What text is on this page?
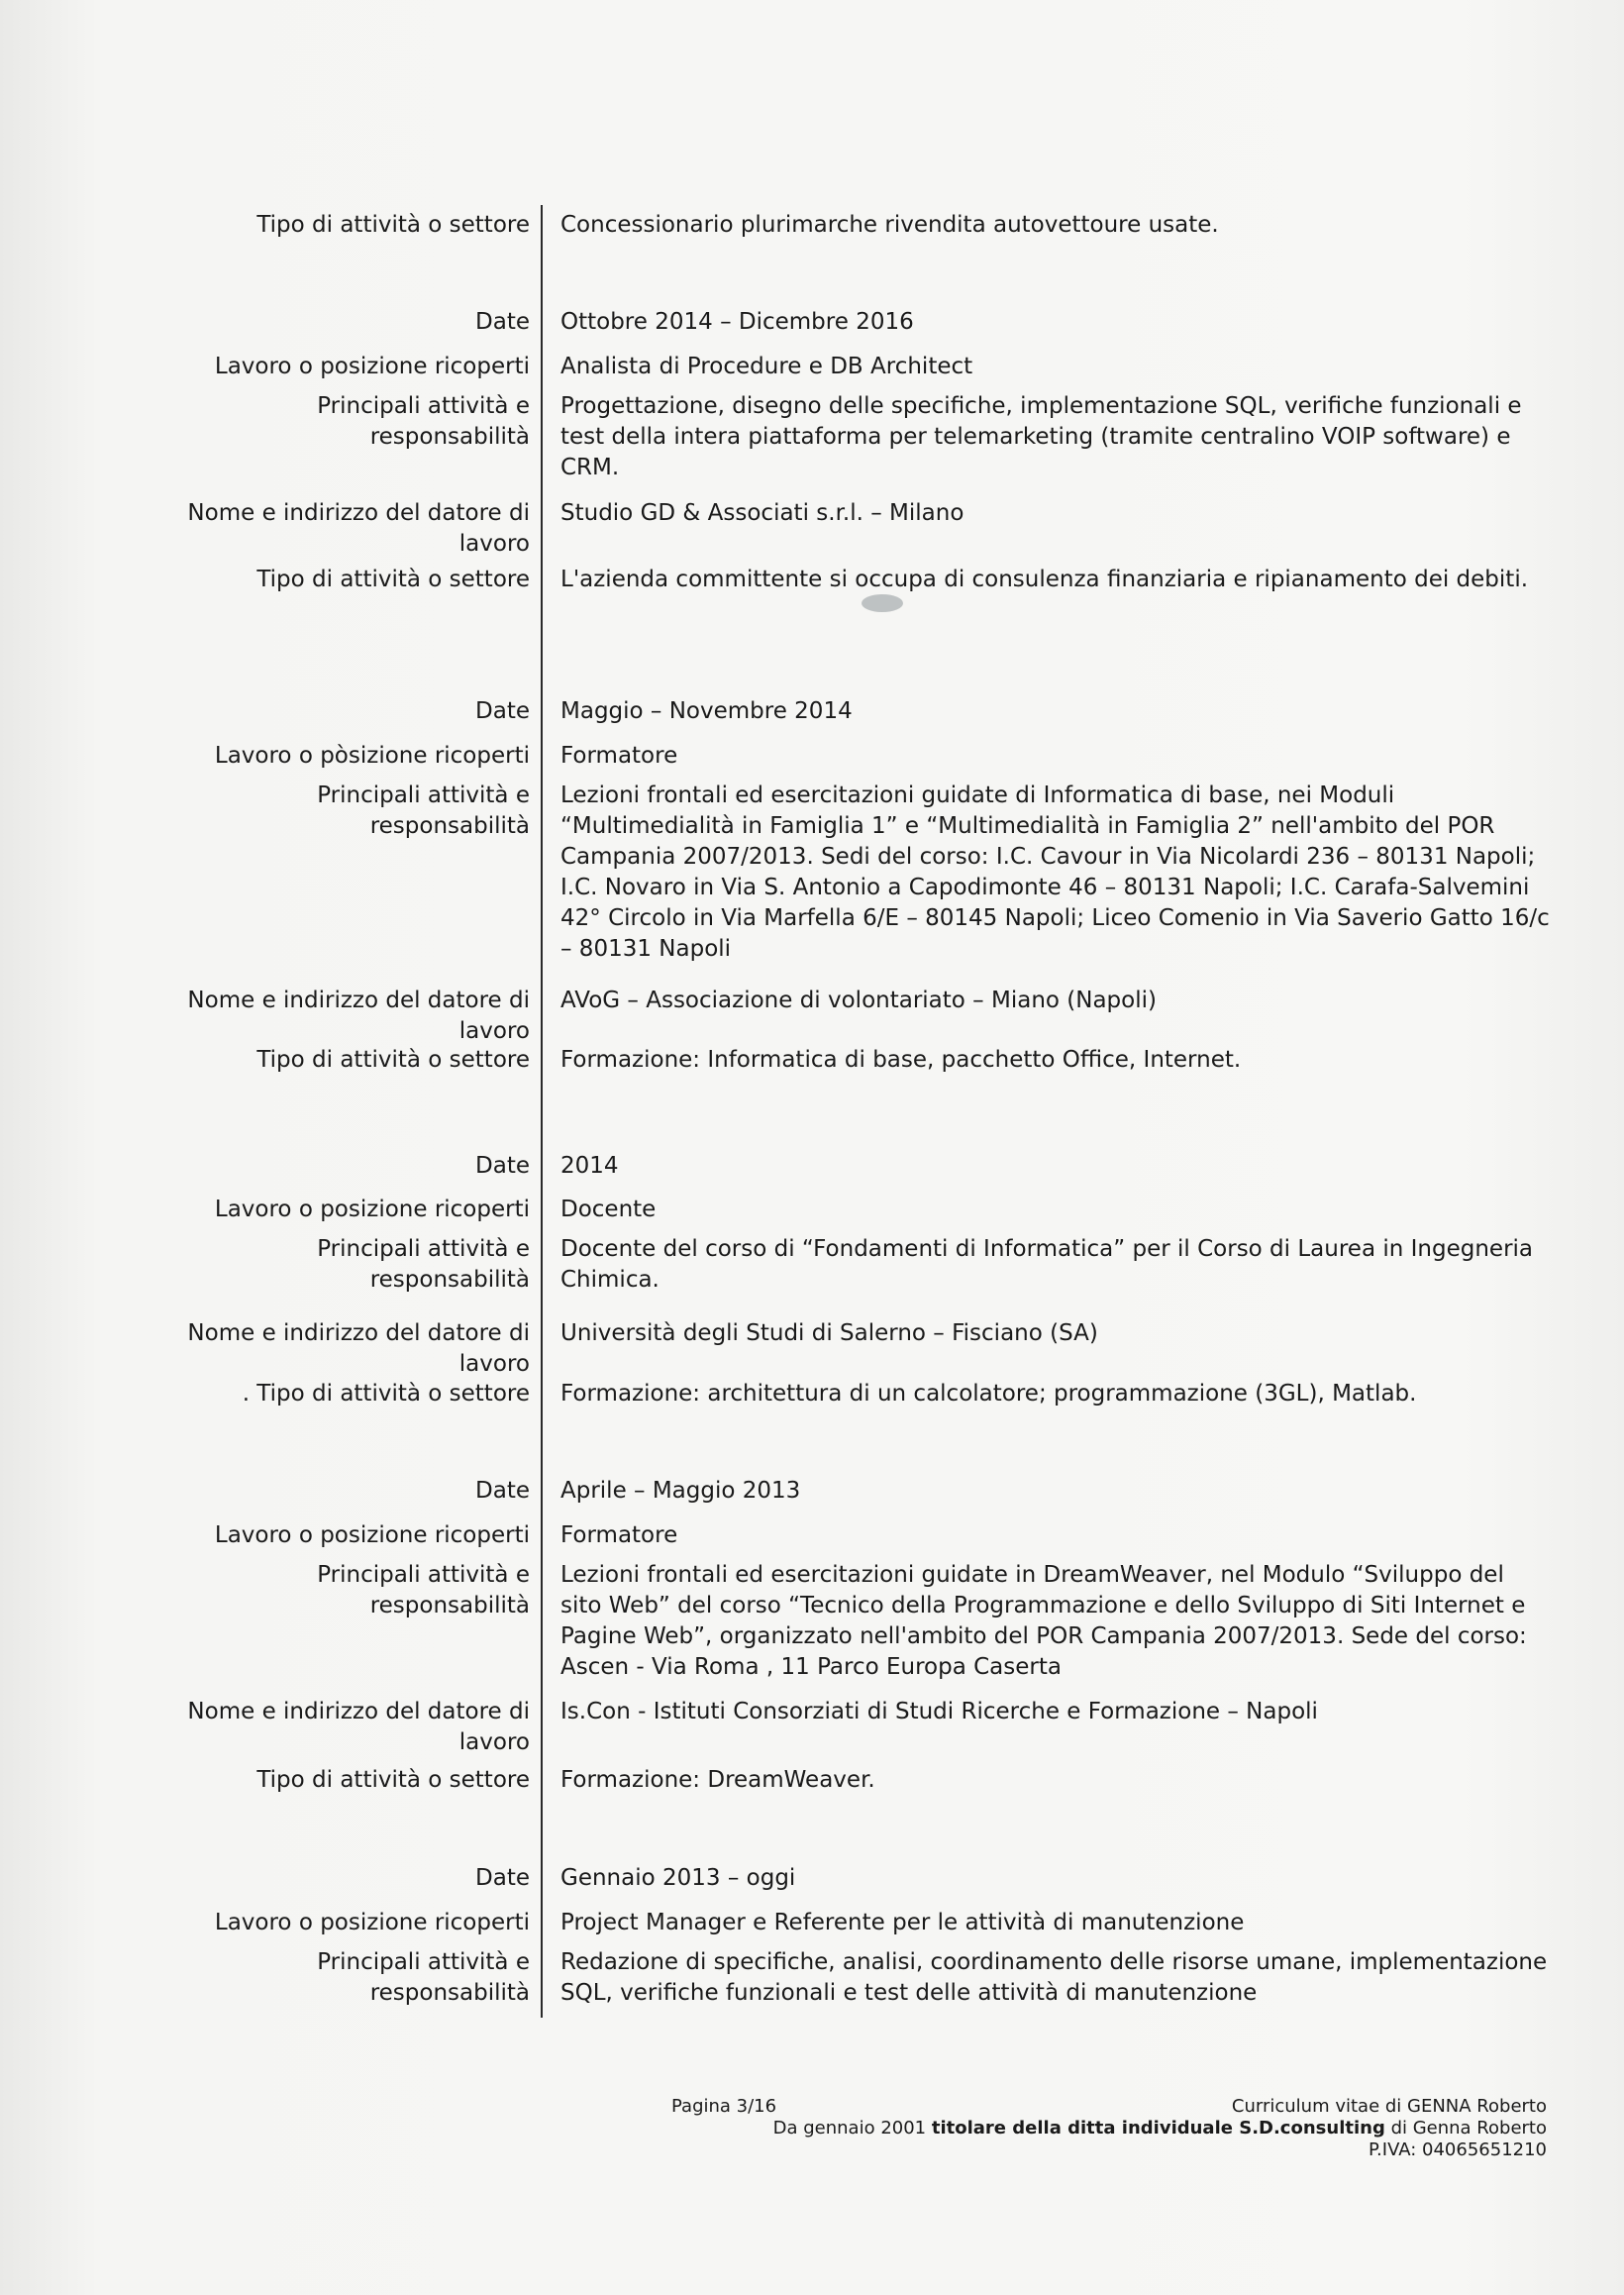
Tipo di attività o settore Concessionario plurimarche rivendita autovettoure usate.
Date Ottobre 2014 – Dicembre 2016
Lavoro o posizione ricoperti Analista di Procedure e DB Architect
Principali attività e
responsabilità
Progettazione, disegno delle specifiche, implementazione SQL, verifiche funzionali e test della intera piattaforma per telemarketing (tramite centralino VOIP software) e CRM.
Nome e indirizzo del datore di
lavoro
Studio GD & Associati s.r.l. – Milano
Tipo di attività o settore L'azienda committente si occupa di consulenza finanziaria e ripianamento dei debiti.
Date Maggio – Novembre 2014
Lavoro o pòsizione ricoperti Formatore
Principali attività e
responsabilità
Lezioni frontali ed esercitazioni guidate di Informatica di base, nei Moduli “Multimedialità in Famiglia 1” e “Multimedialità in Famiglia 2” nell'ambito del POR Campania 2007/2013. Sedi del corso: I.C. Cavour in Via Nicolardi 236 – 80131 Napoli; I.C. Novaro in Via S. Antonio a Capodimonte 46 – 80131 Napoli; I.C. Carafa-Salvemini 42° Circolo in Via Marfella 6/E – 80145 Napoli; Liceo Comenio in Via Saverio Gatto 16/c – 80131 Napoli
Nome e indirizzo del datore di
lavoro
AVoG – Associazione di volontariato – Miano (Napoli)
Tipo di attività o settore Formazione: Informatica di base, pacchetto Office, Internet.
Date 2014
Lavoro o posizione ricoperti Docente
Principali attività e
responsabilità
Docente del corso di “Fondamenti di Informatica” per il Corso di Laurea in Ingegneria Chimica.
Nome e indirizzo del datore di
lavoro
Università degli Studi di Salerno – Fisciano (SA)
. Tipo di attività o settore Formazione: architettura di un calcolatore; programmazione (3GL), Matlab.
Date Aprile – Maggio 2013
Lavoro o posizione ricoperti Formatore
Principali attività e
responsabilità
Lezioni frontali ed esercitazioni guidate in DreamWeaver, nel Modulo “Sviluppo del sito Web” del corso “Tecnico della Programmazione e dello Sviluppo di Siti Internet e Pagine Web”, organizzato nell'ambito del POR Campania 2007/2013. Sede del corso: Ascen - Via Roma , 11 Parco Europa Caserta
Nome e indirizzo del datore di
lavoro
Is.Con - Istituti Consorziati di Studi Ricerche e Formazione – Napoli
Tipo di attività o settore Formazione: DreamWeaver.
Date Gennaio 2013 – oggi
Lavoro o posizione ricoperti Project Manager e Referente per le attività di manutenzione
Principali attività e
responsabilità
Redazione di specifiche, analisi, coordinamento delle risorse umane, implementazione SQL, verifiche funzionali e test delle attività di manutenzione
Pagina 3/16	Curriculum vitae di GENNA Roberto
Da gennaio 2001 titolare della ditta individuale S.D.consulting di Genna Roberto
P.IVA: 04065651210
